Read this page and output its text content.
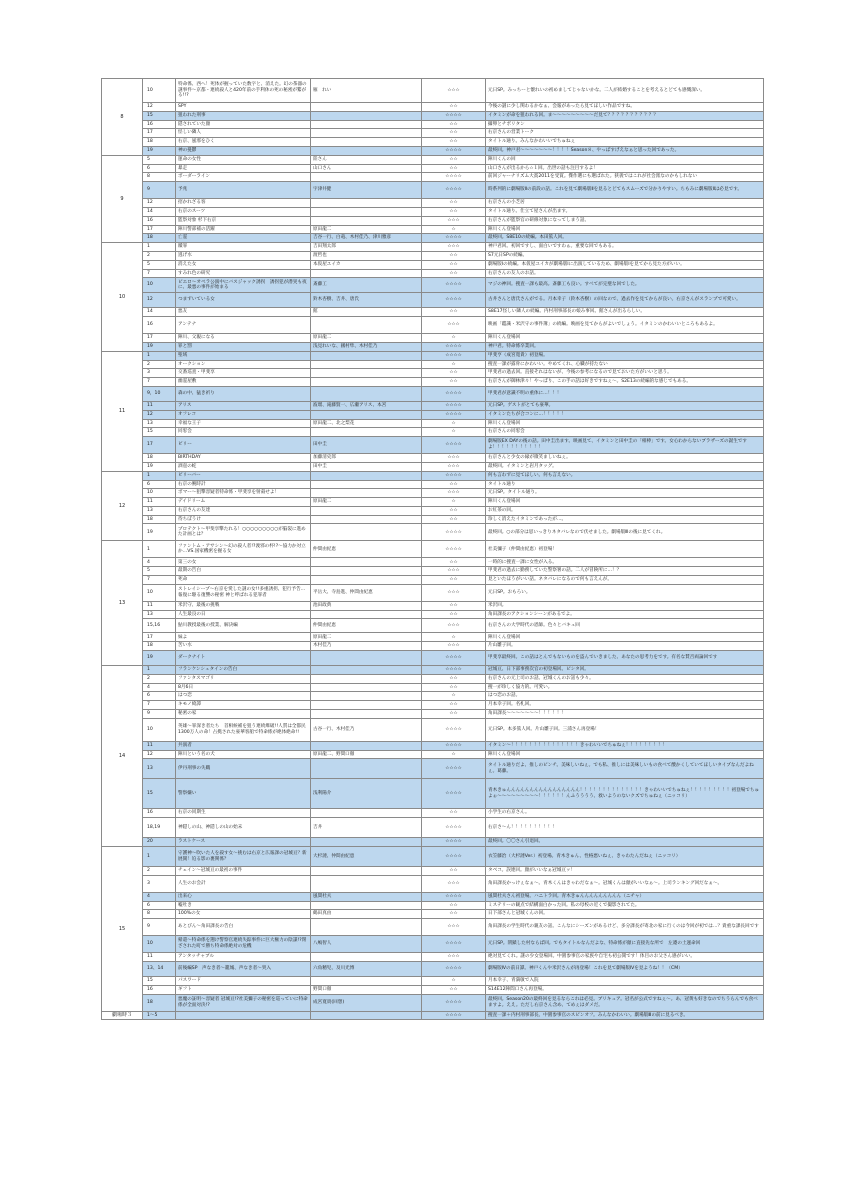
8	10	特命係、西へ！死体が握っていた数字と、消えた。幻の茶器の謎事件〜京都・連続殺人と420年前の手利休の死の秘密が繋がる!!?	雁　れい	☆☆☆	元日SP。みっちーと懐れいの初めましてじゃないかな。二人が結婚することを考えるとどても感慨深い。
	12	SPY		☆☆	今後の謎に少し関わるかなぁ、会報があったら見てほしい作品ですね。
	15	狙われた刑事		☆☆☆☆	イタミンが命を狙われる回。ま〜〜〜〜〜〜〜〜〜だ見て？？？？？？？？？？？
	16	隠されていた顔		☆☆	攝卵とチボリタン
	17	怪しい隣人		☆☆	右京さんの営業トーク
	18	右京、風邪をひく		☆☆	タイトル通り。みんなかわいいでちゅねぇ
	19	神の憂鬱		☆☆☆☆	最終回。神戸君〜〜〜〜〜〜〜！！！！Season８、やっぱすげえなぁと思った回であった。
9	5	運命の女性	陸さん	☆☆	陣川くんの回
	6	暴走	山口さん	☆☆	山口さんが出るから☆１回。出世の話も注目するよ！
	8	ボーダーライン		☆☆☆☆	前回ジャーナリズム大賞2011を受賞。傑作選にも選ばれた。狭義ではこれが社会派なのかもしれない
	9	予兆	宇津井健	☆☆☆☆	時系列的に劇場版Ⅱの前段の話。これを見て劇場版Ⅱを見るとどてもスムーズで分かりやすい。ちもみに劇場版Ⅱは必見です。
	12	招かれざる客		☆☆	右京さんの小芝居
	14	右京のスーツ		☆☆	タイトル通り。仕立て屋さんが出ます。
	16	監察対象 杉下右京		☆☆☆	右京さんが監察官の研修対象になってしまう話。
	17	陣川警部補の活躍	原田龍二	☆	陣川くん登場回
	18	亡霊	吉谷一行、白竜、木村佳乃、津川雅彦	☆☆☆☆	最終回。S8E10の続編。本田篤人回。
10	1	贖罪	吉田翔太郎	☆☆☆	神戸君回。初回ですし、面白いですわぁ。重要な回でもある。
	2	逃げ水	渡哲也	☆☆	S7元日SPの続編。
	5	消えた女	本仮屋ユイカ	☆☆	劇場版Ⅰの続編。本仮屋ユイカが劇場版Ⅰに出演しているため、劇場版Ⅰを見てから見た方がいい。
	7	すみれ色の研究		☆☆	右京さんの友人のお話。
	10	ピエロ〜オペラ公演中にバスジャック誘拐　誘拐犯が潜実も夜に、最悪の事件が始まる	斎藤工	☆☆☆☆	マジの神回。捜査一課も最高。斎藤工も良い。すべてが完璧な回でした。
	12	つまずいている女	鈴木杏樹、吉井、唐氏	☆☆☆☆	古井さんと唐氏さんがでる。月本幸子（鈴木杏樹）の回なので、過去作を見てからが良い。右京さんがスランプで可愛い。
	14	悪友	館	☆☆	S8E17怪しい隣人の続編。内村刑事部長の娘み事回。館さんが出るらしい。
	16	アンテナ		☆☆☆	映画「鑑識・米沢守の事件簿」の続編。映画を見てからがよいでしょう。イタミンのかわいいところもあるよ。
	17	陣川、父親になる	原田龍二	☆	陣川くん登場回
	19	罪と罰	浅見れいな、國村隼、木村佳乃	☆☆☆☆	神戸君。特命係卒業回。
11	1	聖域		☆☆☆☆	甲斐亨（成宮寛貴）初登場。
	2	オークション		☆	捜査一課が露骨にかわいい。やめてくれ、心臓が持たない
	3	交番巡査・甲斐享		☆☆	甲斐君の過去回。直接それはないが、今後の参考になるので見ておいた方がいいと思う。
	7	幽霊屋敷		☆☆	右京さんが御林津々！やっぱり、この手の話は好きですねぇ〜。S2E13の続編的な感じでもある。
	9，10	森の中、猛き祈り		☆☆☆☆	甲斐君が意識不明の重体に…！！！
	11	アリス	波瑠、滝藤賢一、広瀬アリス、本宮	☆☆☆☆	元日SP。ゲストがとても豪華。
	12	オフレコ		☆☆☆☆	イタミンたちが合コンに…！！！！！
	13	幸福な王子	原田龍二、北之梨花	☆	陣川くん登場回
	15	同窓会		☆	右京さんの同窓会
	17	ビリー	田中圭	☆☆☆☆	劇場版EX DAYの後の話。田中圭出ます。映画見て、イタミンと田中圭の「相棒」です。女心わからないブラザーズの誕生ですよ！！！！！！！！！！！
	18	BIRTHDAY	加藤清史郎	☆☆☆	右京さんと少女の縁が微笑ましいねぇ。
	19	酒壺の蛇	田中圭	☆☆☆	最終回。イタミンと岩月タッグ。
12	1	ビリーバー		☆☆☆☆	何も言わずに見てほしい。何も言えない。
	6	右京の腕時計		☆☆	タイトル通り
	10	ボマー〜狙撃容疑者特命係・甲斐享を射殺せよ！		☆☆☆	元日SP。タイトル通り。
	11	デイドリーム	原田龍二	☆	陣川くん登場回
	13	右京さんの友達		☆☆	お紅茶の回。
	18	待ちぼうけ		☆☆	珍しく消えたイタミンであったが…。
	19	プロテクト〜甲斐享撃たれる！○○○○○○○○○が脳裂に進めた計画とは？		☆☆☆☆	最終回。○の部分は思いっきりネタバレなので伏せました。劇場版Ⅲの後に見てくれ。
13	1	ファントム・アサシン〜幻の殺人者!?渡邪の杯!?〜協力か対立か…VS.国家機密を握る女	仲間由紀恵	☆☆☆☆	社美彌子（仲間由紀恵）初登場！
	4	第三の女		☆☆	一時的に捜査一課に女性が入る。
	5	最期の告白		☆☆☆	甲斐君の過去に勤務していた警察署の話。二人が冒険所に…！？
	7	死命		☆☆	見といたほうがいい話。ネタバレになるので何も言えんが。
	10	ストレイシープ〜右京を愛した謎の女!!多重誘拐、犯行予告…報復に駆る復讐の秘密 神と呼ばれる犯罪者	平岳大、寺島進、仲間由紀恵	☆☆☆	元日SP。おもろい。
	11	米沢守、最後の挑戦	池田政典	☆☆	米沢回。
	13	人生最良の日		☆☆	角田課長のアクションシーンがあるでよ。
	15,16	鮎川教授最後の授業、解決編	仲間由紀恵	☆☆☆	右京さんの大学時代の恩師。色々とバキュ回
	17	妹よ	原田龍二	☆	陣川くん登場回
	18	苦い水	木村佳乃	☆☆☆	片山雛子回。
	19	ダークナイト		☆☆☆☆	甲斐享最終回。この話はとんでもないものを盗んでいきました、あなたの思考力をです。有名な賛否両論回です
14	1	フランケンシュタインの告白		☆☆☆☆	冠城亘、日下部事務次官の初登場回。ピシタ回。
	2	ファンタスマゴリ		☆☆	右京さんの元上司のお話。冠城くんのお話も少々。
	4	8月6日		☆☆	捜一が珍しく協力的。可愛い。
	6	はつ恋		☆	はつ恋のお話。
	7	キモノ綺譚		☆☆	月本幸子回。名札回。
	9	秘密の家		☆☆	角田課長〜〜〜〜〜〜〜！！！！！！
	10	英雄〜罪深き者たち　首相候補を狙う連続爆破!!人質は全都民1300万人の命！占拠された豪華客船で特命係が絶体絶命!!	古谷一行、木村佳乃	☆☆☆☆	元日SP。本多篤人回。片山雛子回。三浦さん再登場！
	11	共演者		☆☆☆☆	イタミン〜！！！！！！！！！！！！！！！きゃわいいでちゅねぇ！！！！！！！！！
	12	陣川という名の犬	原田龍二、野間口徹	☆	陣川くん登場回
	13	伊丹刑事の失職		☆☆☆☆	タイトル通りだよ、推しのピンチ。美味しいねぇ。でも私、推しには美味しいもの食べて酸かくしていてほしいタイプなんだよねぇ。葛藤。
	15	警察嫌い	浅利陽介	☆☆☆☆	青木きゅんんんんんんんんんんんんんんんん！！！！！！！！！！！！！！きゃわいいでちゅねぇ！！！！！！！！！初登場でちゅよぉ〜〜〜〜〜〜〜〜〜！！！！！！んふうううう、救いようのないクズでちゅねぇ（ニッコリ）
	16	右京の同期生		☆☆	小学生の右京さん。
	18,19	神隠しの山、神隠しの山の始末	吉井	☆☆☆☆	右京さ〜ん！！！！！！！！！！
	20	ラストケース		☆☆☆☆	最終回。〇〇さん引退回。
15	1	守護神〜吹いた人を殺す女〜挑むは右京と広報課の冠城亘？新展開！迫る影の裏関係？	大杉漣、仲間由紀恵	☆☆☆☆	衣笠藤治（大杉漣Ver.）初登場。青木きゅん、性格悪いねぇ、きゃわたんだねぇ（ニッコリ）
	2	チェイン〜冠城亘の最初の事件		☆☆	タベコ。誤連回。顔がいいなぁ冠城亘ッ！
	3	人生のお会計		☆☆☆	角田課長かっけぇなぁ〜。青木くんはきゃわだなぁ〜。冠城くんは顔がいいなぁ〜。上司ランキング回だなぁ〜。
	4	出来心	風間杜夫	☆☆☆☆	風間杜夫さん初登場。ハニトラ回。青木きゅんんんんんんんんん（ニチャ）
	6	嘘吐き		☆☆	ミステリーの観点で結構面白かった回。私の母校の近くで撮影されてた。
	8	100%の女	鶴田真由	☆☆	日下部さんと冠城くんの回。
	9	あとびん〜角田課長の告白		☆☆☆	角田課長の学生時代の親友の話。こんなにシーズンがあるけど、多分課長が寄北の家に行くのは今回が初では…？貴重な課長回です
	10	帰還〜特命係を遡け警察官連続失踪事件に巨大権力の陰謀!?閉ざされた町で勝ち特命係絶対の危機	八嶋智人	☆☆☆☆	元日SP。閉鎖した村ならば回。でもタイトルなんだよな、特命係が顔に直接先な所で　左遷の土運命回
	11	アンタッチャブル		☆☆☆	絶対見てくれ。謎の少女登場回。中園参事官の家族や自宅も初公開です！体目のお父さん感がいい。
	13、14	前後編SP　声なき者〜籠城、声なき者〜突入	六角精児、及川光博	☆☆☆☆	劇場版Ⅳの前日譚。神戸くんや米沢さんが再登場！これを見て劇場版Ⅳを見ようね！！（CM）
	15	パスワード		☆	月本幸子、青満敏で入院
	16	ギフト	野間口徹	☆☆	S14E12陣間口さん再登場。
	18	悪魔の証明〜容疑者 冠城亘!?社美彌子の秘密を巡っていに特命係が全面対決!?	成宮寛貴(回想)	☆☆☆☆	最終回。Season20の最終回を見るならこれは必見。ブリキュア。冠名が公式ですねぇ〜。あ、冠黄も好きなのでちうらんでも食べますよ。ええ。ただし右京さん含め、てめぇはダメだ。
劇場時３	1～5			☆☆☆☆	捜査一課＋内村刑事部長、中園参事官のスピンオフ。みんなかわいい。劇場版Ⅲの前に見るべき。
